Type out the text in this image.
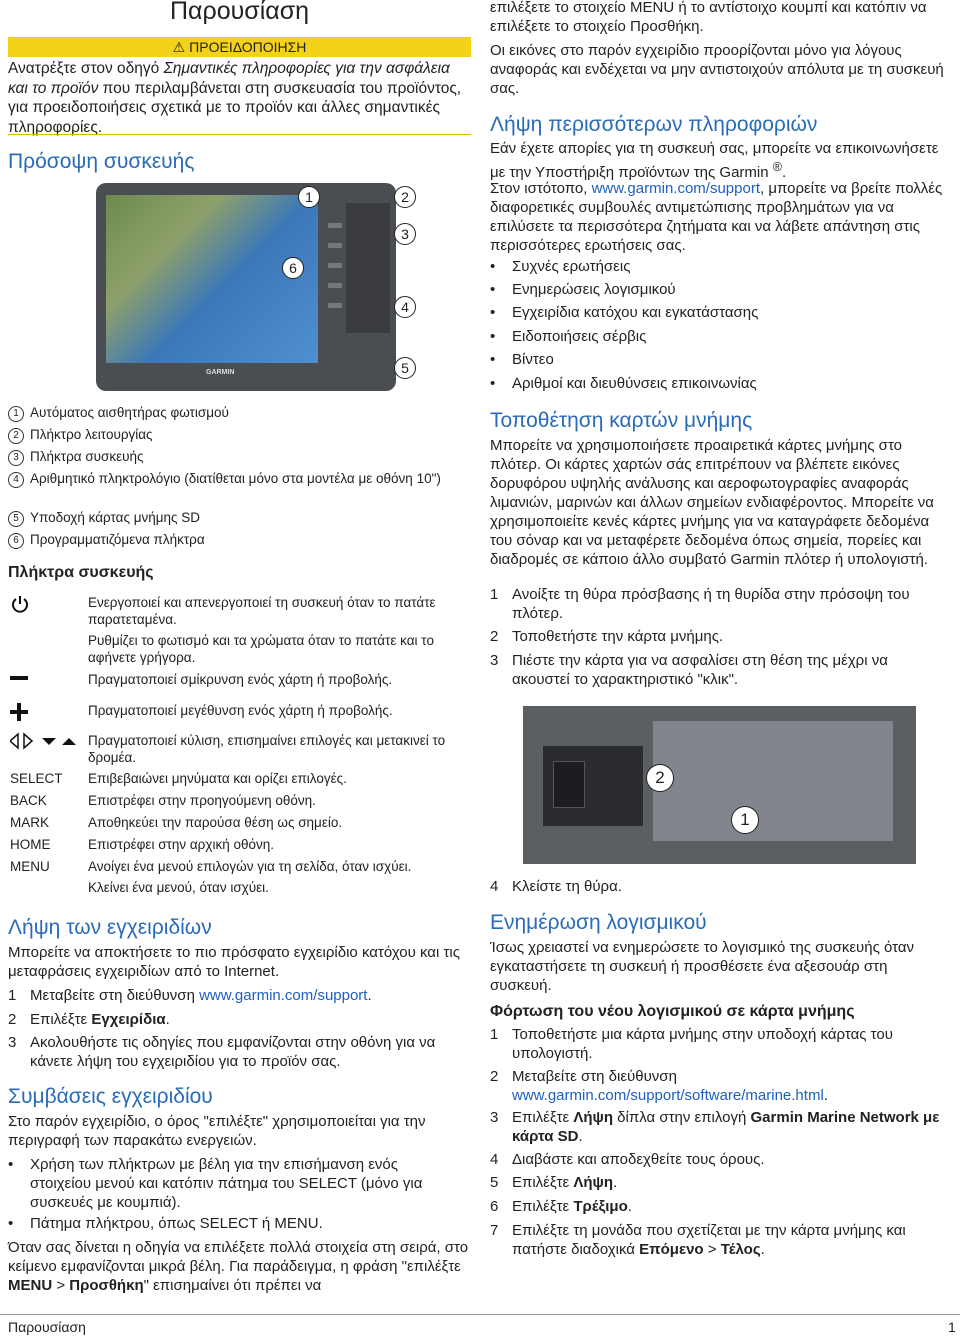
Παρουσίαση
⚠ ΠΡΟΕΙΔΟΠΟΙΗΣΗ
Ανατρέξτε στον οδηγό Σημαντικές πληροφορίες για την ασφάλεια και το προϊόν που περιλαμβάνεται στη συσκευασία του προϊόντος, για προειδοποιήσεις σχετικά με το προϊόν και άλλες σημαντικές πληροφορίες.
Πρόσοψη συσκευής
GARMIN
1	2
3
4
5
6
1 Αυτόματος αισθητήρας φωτισμού
2 Πλήκτρο λειτουργίας
3 Πλήκτρα συσκευής
4 Αριθμητικό πληκτρολόγιο (διατίθεται μόνο στα μοντέλα με οθόνη 10")
5 Υποδοχή κάρτας μνήμης SD
6 Προγραμματιζόμενα πλήκτρα
Πλήκτρα συσκευής
Ενεργοποιεί και απενεργοποιεί τη συσκευή όταν το πατάτε παρατεταμένα.
Ρυθμίζει το φωτισμό και τα χρώματα όταν το πατάτε και το αφήνετε γρήγορα.
Πραγματοποιεί σμίκρυνση ενός χάρτη ή προβολής.
Πραγματοποιεί μεγέθυνση ενός χάρτη ή προβολής.
Πραγματοποιεί κύλιση, επισημαίνει επιλογές και μετακινεί το δρομέα.
SELECT Επιβεβαιώνει μηνύματα και ορίζει επιλογές.
BACK	Επιστρέφει στην προηγούμενη οθόνη.
MARK	Αποθηκεύει την παρούσα θέση ως σημείο.
HOME	Επιστρέφει στην αρχική οθόνη.
MENU	Ανοίγει ένα μενού επιλογών για τη σελίδα, όταν ισχύει.
Κλείνει ένα μενού, όταν ισχύει.
Λήψη των εγχειριδίων

Μπορείτε να αποκτήσετε το πιο πρόσφατο εγχειρίδιο κατόχου και τις μεταφράσεις εγχειριδίων από το Internet.

1 Μεταβείτε στη διεύθυνση www.garmin.com/support.
2 Επιλέξτε Εγχειρίδια.
3 Ακολουθήστε τις οδηγίες που εμφανίζονται στην οθόνη για να κάνετε λήψη του εγχειριδίου για το προϊόν σας.
Συμβάσεις εγχειριδίου

Στο παρόν εγχειρίδιο, ο όρος "επιλέξτε" χρησιμοποιείται για την περιγραφή των παρακάτω ενεργειών.

• Χρήση των πλήκτρων με βέλη για την επισήμανση ενός στοιχείου μενού και κατόπιν πάτημα του SELECT (μόνο για συσκευές με κουμπιά).
• Πάτημα πλήκτρου, όπως SELECT ή MENU.

Όταν σας δίνεται η οδηγία να επιλέξετε πολλά στοιχεία στη σειρά, στο κείμενο εμφανίζονται μικρά βέλη. Για παράδειγμα, η φράση "επιλέξτε MENU > Προσθήκη" επισημαίνει ότι πρέπει να

επιλέξετε το στοιχείο MENU ή το αντίστοιχο κουμπί και κατόπιν να επιλέξετε το στοιχείο Προσθήκη.

Οι εικόνες στο παρόν εγχειρίδιο προορίζονται μόνο για λόγους αναφοράς και ενδέχεται να μην αντιστοιχούν απόλυτα με τη συσκευή σας.

Λήψη περισσότερων πληροφοριών

Εάν έχετε απορίες για τη συσκευή σας, μπορείτε να επικοινωνήσετε με την Υποστήριξη προϊόντων της Garmin ®.

Στον ιστότοπο, www.garmin.com/support, μπορείτε να βρείτε πολλές διαφορετικές συμβουλές αντιμετώπισης προβλημάτων για να επιλύσετε τα περισσότερα ζητήματα και να λάβετε απάντηση στις περισσότερες ερωτήσεις σας.

• Συχνές ερωτήσεις
• Ενημερώσεις λογισμικού
• Εγχειρίδια κατόχου και εγκατάστασης
• Ειδοποιήσεις σέρβις
• Βίντεο
• Αριθμοί και διευθύνσεις επικοινωνίας
Τοποθέτηση καρτών μνήμης

Μπορείτε να χρησιμοποιήσετε προαιρετικά κάρτες μνήμης στο πλότερ. Οι κάρτες χαρτών σάς επιτρέπουν να βλέπετε εικόνες δορυφόρου υψηλής ανάλυσης και αεροφωτογραφίες αναφοράς λιμανιών, μαρινών και άλλων σημείων ενδιαφέροντος. Μπορείτε να χρησιμοποιείτε κενές κάρτες μνήμης για να καταγράφετε δεδομένα του σόναρ και να μεταφέρετε δεδομένα όπως σημεία, πορείες και διαδρομές σε κάποιο άλλο συμβατό Garmin πλότερ ή υπολογιστή.

1 Ανοίξτε τη θύρα πρόσβασης ή τη θυρίδα στην πρόσοψη του πλότερ.
2 Τοποθετήστε την κάρτα μνήμης.
3 Πιέστε την κάρτα για να ασφαλίσει στη θέση της μέχρι να ακουστεί το χαρακτηριστικό "κλικ".
4 Κλείστε τη θύρα.
Ενημέρωση λογισμικού

Ίσως χρειαστεί να ενημερώσετε το λογισμικό της συσκευής όταν εγκαταστήσετε τη συσκευή ή προσθέσετε ένα αξεσουάρ στη συσκευή.

Φόρτωση του νέου λογισμικού σε κάρτα μνήμης
1 Τοποθετήστε μια κάρτα μνήμης στην υποδοχή κάρτας του υπολογιστή.
2 Μεταβείτε στη διεύθυνση www.garmin.com/support/software/marine.html.
3 Επιλέξτε Λήψη δίπλα στην επιλογή Garmin Marine Network με κάρτα SD.
4 Διαβάστε και αποδεχθείτε τους όρους.
5 Επιλέξτε Λήψη.
6 Επιλέξτε Τρέξιμο.
7 Επιλέξτε τη μονάδα που σχετίζεται με την κάρτα μνήμης και πατήστε διαδοχικά Επόμενο > Τέλος.
2
1
Παρουσίαση	1
